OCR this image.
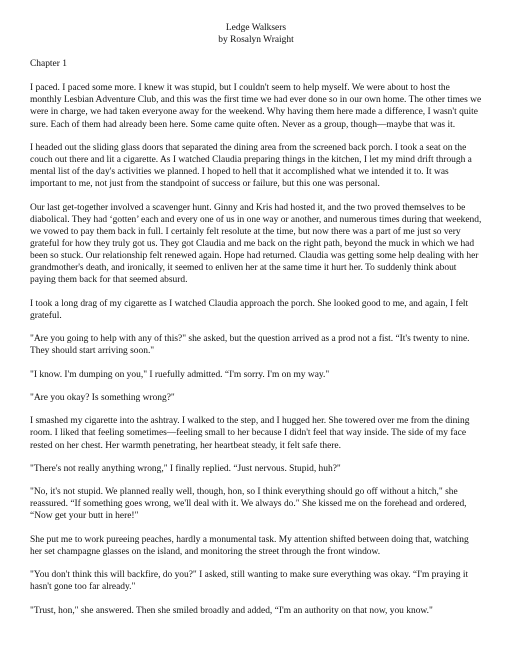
Ledge Walksers
by Rosalyn Wraight
Chapter 1

I paced. I paced some more. I knew it was stupid, but I couldn't seem to help myself. We were about to host the monthly Lesbian Adventure Club, and this was the first time we had ever done so in our own home. The other times we were in charge, we had taken everyone away for the weekend. Why having them here made a difference, I wasn't quite sure. Each of them had already been here. Some came quite often. Never as a group, though—maybe that was it.

I headed out the sliding glass doors that separated the dining area from the screened back porch. I took a seat on the couch out there and lit a cigarette. As I watched Claudia preparing things in the kitchen, I let my mind drift through a mental list of the day's activities we planned. I hoped to hell that it accomplished what we intended it to. It was important to me, not just from the standpoint of success or failure, but this one was personal.

Our last get-together involved a scavenger hunt. Ginny and Kris had hosted it, and the two proved themselves to be diabolical. They had ‘gotten’ each and every one of us in one way or another, and numerous times during that weekend, we vowed to pay them back in full. I certainly felt resolute at the time, but now there was a part of me just so very grateful for how they truly got us. They got Claudia and me back on the right path, beyond the muck in which we had been so stuck. Our relationship felt renewed again. Hope had returned. Claudia was getting some help dealing with her grandmother's death, and ironically, it seemed to enliven her at the same time it hurt her. To suddenly think about paying them back for that seemed absurd.

I took a long drag of my cigarette as I watched Claudia approach the porch. She looked good to me, and again, I felt grateful.

"Are you going to help with any of this?" she asked, but the question arrived as a prod not a fist. “It's twenty to nine. They should start arriving soon."

"I know. I'm dumping on you," I ruefully admitted. “I'm sorry. I'm on my way."

"Are you okay? Is something wrong?"

I smashed my cigarette into the ashtray. I walked to the step, and I hugged her. She towered over me from the dining room. I liked that feeling sometimes—feeling small to her because I didn't feel that way inside. The side of my face rested on her chest. Her warmth penetrating, her heartbeat steady, it felt safe there.

"There's not really anything wrong," I finally replied. “Just nervous. Stupid, huh?"

"No, it's not stupid. We planned really well, though, hon, so I think everything should go off without a hitch," she reassured. “If something goes wrong, we'll deal with it. We always do." She kissed me on the forehead and ordered, “Now get your butt in here!"

She put me to work pureeing peaches, hardly a monumental task. My attention shifted between doing that, watching her set champagne glasses on the island, and monitoring the street through the front window.

"You don't think this will backfire, do you?" I asked, still wanting to make sure everything was okay. “I'm praying it hasn't gone too far already."

"Trust, hon," she answered. Then she smiled broadly and added, “I'm an authority on that now, you know."
